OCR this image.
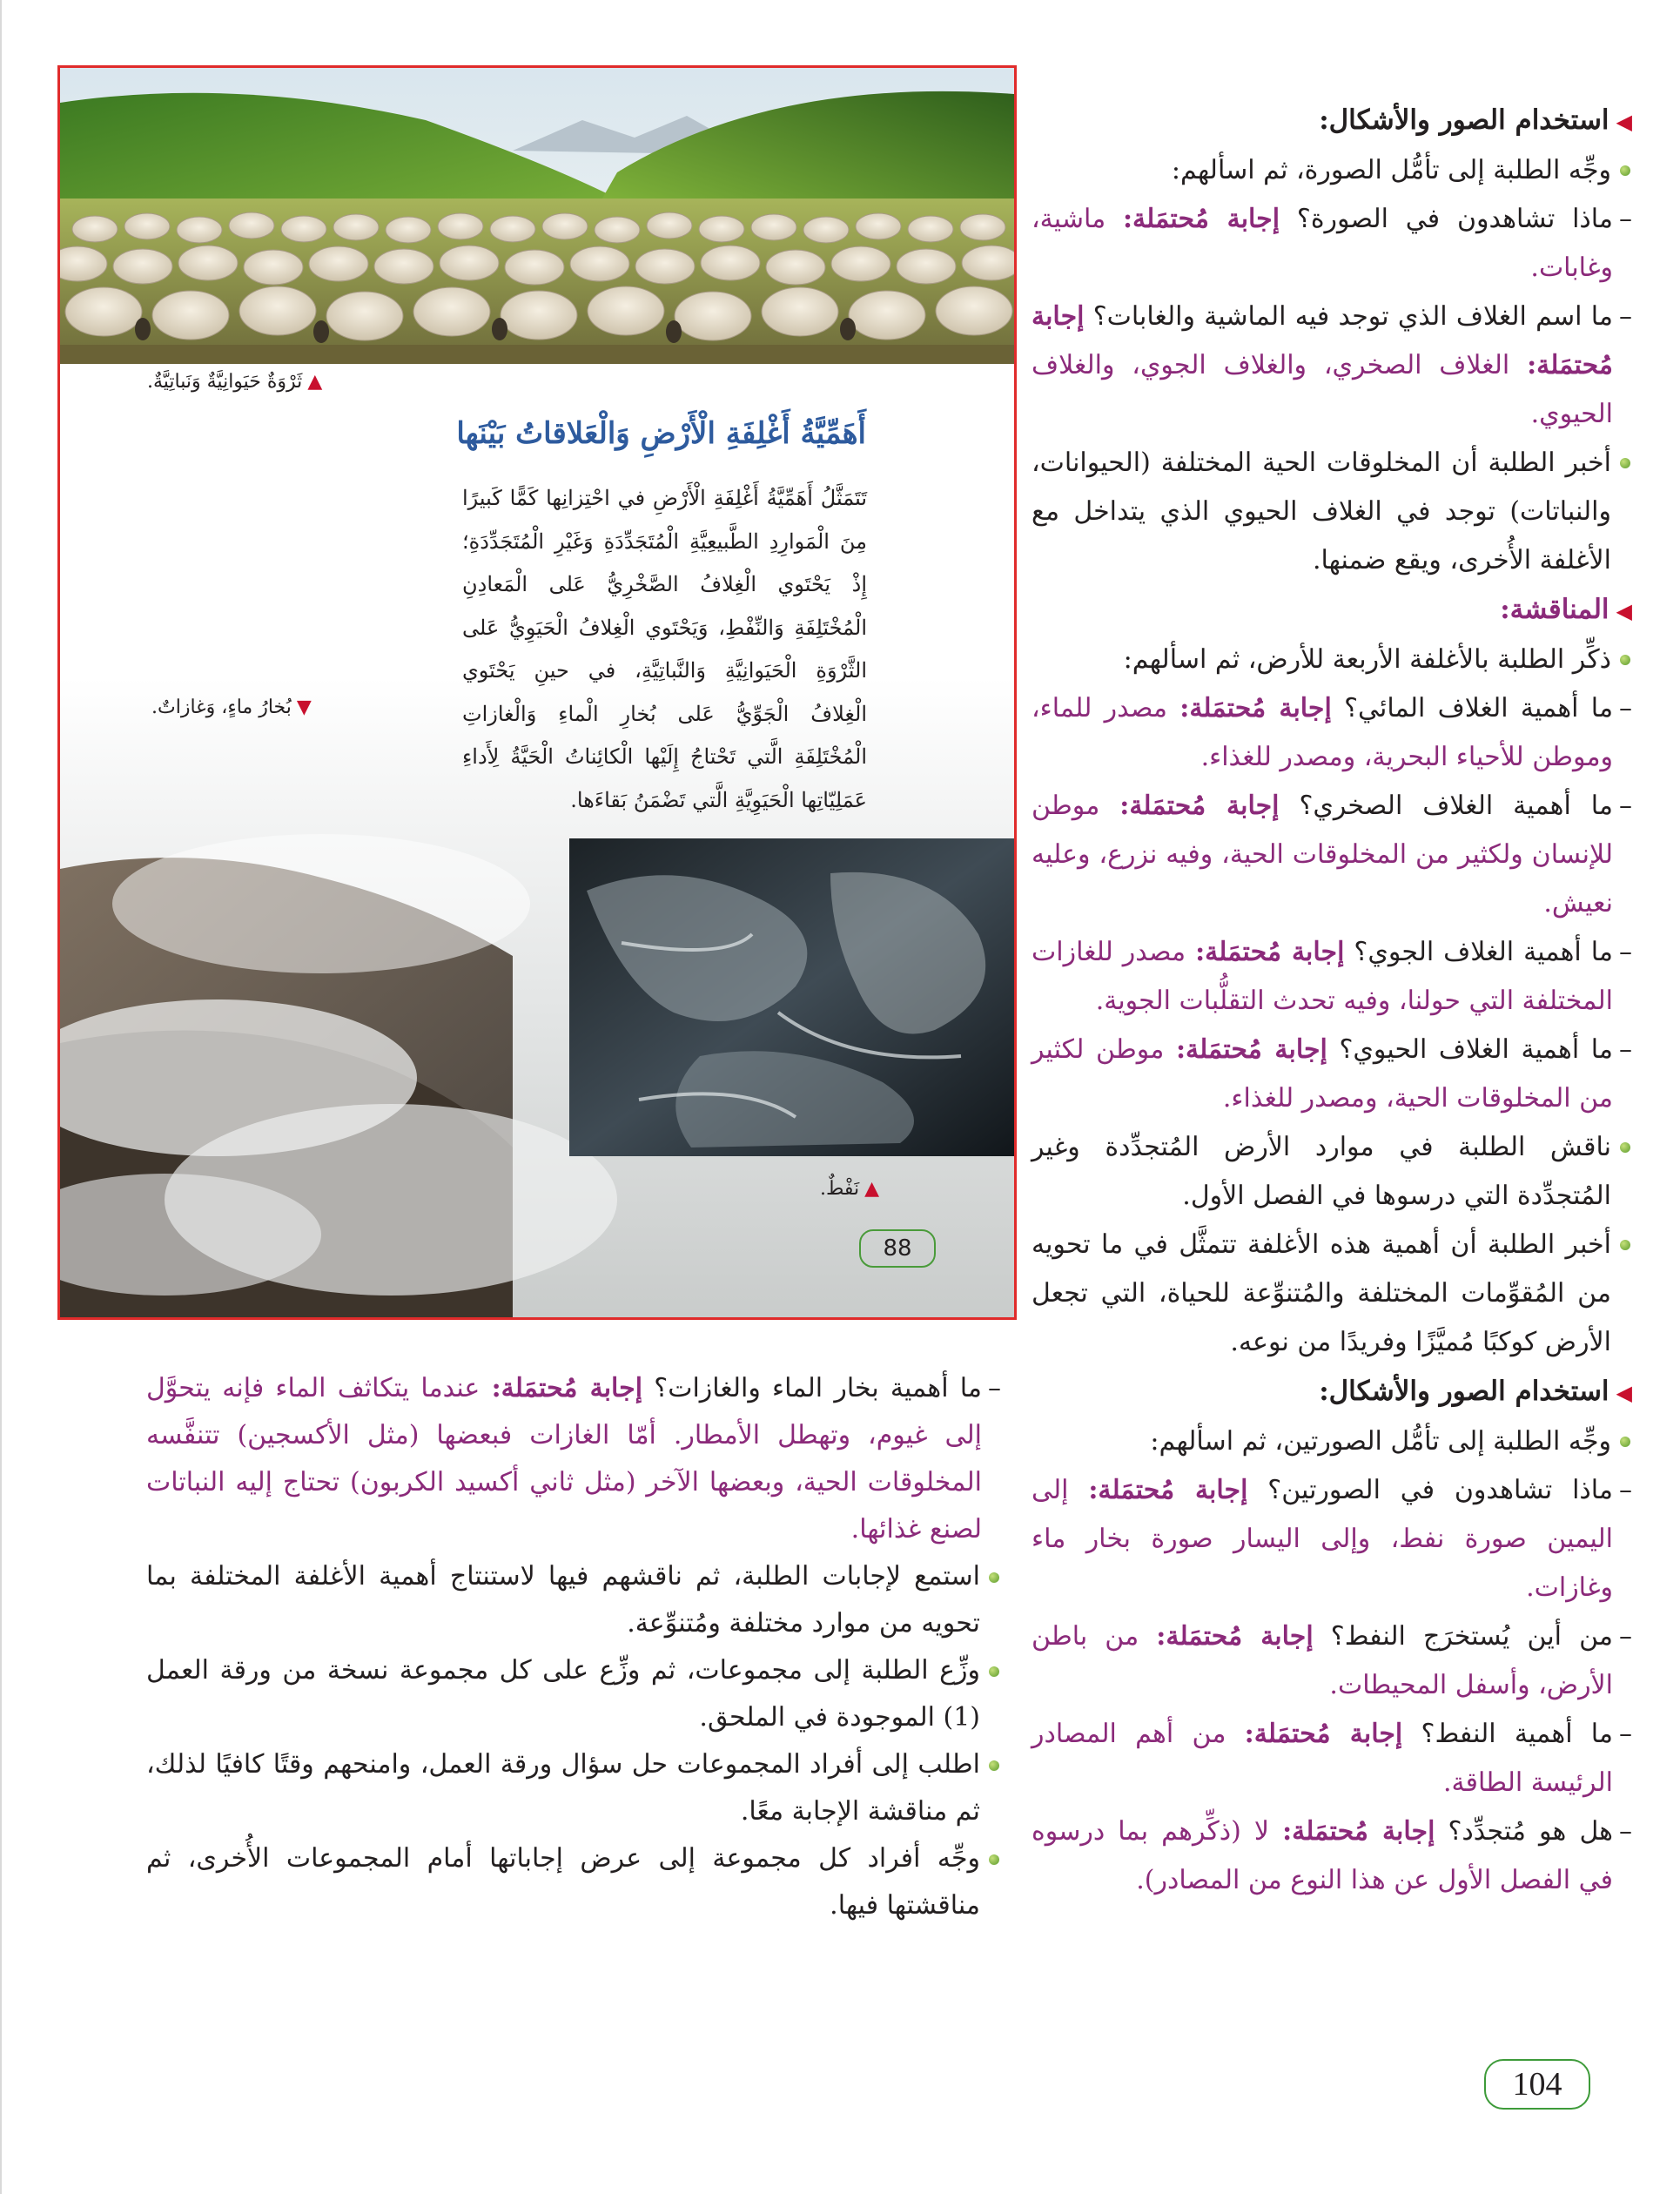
◀استخدام الصور والأشكال:

وجِّه الطلبة إلى تأمُّل الصورة، ثم اسألهم:

– ماذا تشاهدون في الصورة؟ إجابة مُحتمَلة: ماشية، وغابات.

– ما اسم الغلاف الذي توجد فيه الماشية والغابات؟ إجابة مُحتمَلة: الغلاف الصخري، والغلاف الجوي، والغلاف الحيوي.

أخبر الطلبة أن المخلوقات الحية المختلفة (الحيوانات، والنباتات) توجد في الغلاف الحيوي الذي يتداخل مع الأغلفة الأُخرى، ويقع ضمنها.

◀المناقشة:

ذكِّر الطلبة بالأغلفة الأربعة للأرض، ثم اسألهم:

– ما أهمية الغلاف المائي؟ إجابة مُحتمَلة: مصدر للماء، وموطن للأحياء البحرية، ومصدر للغذاء.

– ما أهمية الغلاف الصخري؟ إجابة مُحتمَلة: موطن للإنسان ولكثير من المخلوقات الحية، وفيه نزرع، وعليه نعيش.

– ما أهمية الغلاف الجوي؟ إجابة مُحتمَلة: مصدر للغازات المختلفة التي حولنا، وفيه تحدث التقلُّبات الجوية.

– ما أهمية الغلاف الحيوي؟ إجابة مُحتمَلة: موطن لكثير من المخلوقات الحية، ومصدر للغذاء.

ناقش الطلبة في موارد الأرض المُتجدِّدة وغير المُتجدِّدة التي درسوها في الفصل الأول.

أخبر الطلبة أن أهمية هذه الأغلفة تتمثَّل في ما تحويه من المُقوِّمات المختلفة والمُتنوِّعة للحياة، التي تجعل الأرض كوكبًا مُميَّزًا وفريدًا من نوعه.

◀استخدام الصور والأشكال:

وجِّه الطلبة إلى تأمُّل الصورتين، ثم اسألهم:

– ماذا تشاهدون في الصورتين؟ إجابة مُحتمَلة: إلى اليمين صورة نفط، وإلى اليسار صورة بخار ماء وغازات.

– من أين يُستخرَج النفط؟ إجابة مُحتمَلة: من باطن الأرض، وأسفل المحيطات.

– ما أهمية النفط؟ إجابة مُحتمَلة: من أهم المصادر الرئيسة الطاقة.

– هل هو مُتجدِّد؟ إجابة مُحتمَلة: لا (ذكِّرهم بما درسوه في الفصل الأول عن هذا النوع من المصادر).

▲ثَرْوَةٌ حَيَوانِيَّةٌ وَنَباتِيَّةٌ.
أَهَمِّيَّةُ أَغْلِفَةِ الْأَرْضِ وَالْعَلاقاتُ بَيْنَها
تَتَمَثَّلُ أَهَمِّيَّةُ أَغْلِفَةِ الْأَرْضِ في احْتِزانِها كَمًّا كَبيرًا مِنَ الْمَوارِدِ الطَّبيعِيَّةِ الْمُتَجَدِّدَةِ وَغَيْرِ الْمُتَجَدِّدَةِ؛ إِذْ يَحْتَوي الْغِلافُ الصَّخْرِيُّ عَلى الْمَعادِنِ الْمُخْتَلِفَةِ وَالنِّفْطِ، وَيَحْتَوي الْغِلافُ الْحَيَوِيُّ عَلى الثَّرْوَةِ الْحَيَوانِيَّةِ وَالنَّباتِيَّةِ، في حينِ يَحْتَوي الْغِلافُ الْجَوِّيُّ عَلى بُخارِ الْماءِ وَالْغازاتِ الْمُخْتَلِفَةِ الَّتي تَحْتاجُ إِلَيْها الْكائِناتُ الْحَيَّةُ لِأَداءِ عَمَلِيّاتِها الْحَيَوِيَّةِ الَّتي تَضْمَنُ بَقاءَها.
▼بُخارُ ماءٍ، وَغازاتٌ.
▲نَفْطٌ.
88

– ما أهمية بخار الماء والغازات؟ إجابة مُحتمَلة: عندما يتكاثف الماء فإنه يتحوَّل إلى غيوم، وتهطل الأمطار. أمّا الغازات فبعضها (مثل الأكسجين) تتنفَّسه المخلوقات الحية، وبعضها الآخر (مثل ثاني أكسيد الكربون) تحتاج إليه النباتات لصنع غذائها.

استمع لإجابات الطلبة، ثم ناقشهم فيها لاستنتاج أهمية الأغلفة المختلفة بما تحويه من موارد مختلفة ومُتنوِّعة.

وزِّع الطلبة إلى مجموعات، ثم وزِّع على كل مجموعة نسخة من ورقة العمل (1) الموجودة في الملحق.

اطلب إلى أفراد المجموعات حل سؤال ورقة العمل، وامنحهم وقتًا كافيًا لذلك، ثم مناقشة الإجابة معًا.

وجِّه أفراد كل مجموعة إلى عرض إجاباتها أمام المجموعات الأُخرى، ثم مناقشتها فيها.

104
